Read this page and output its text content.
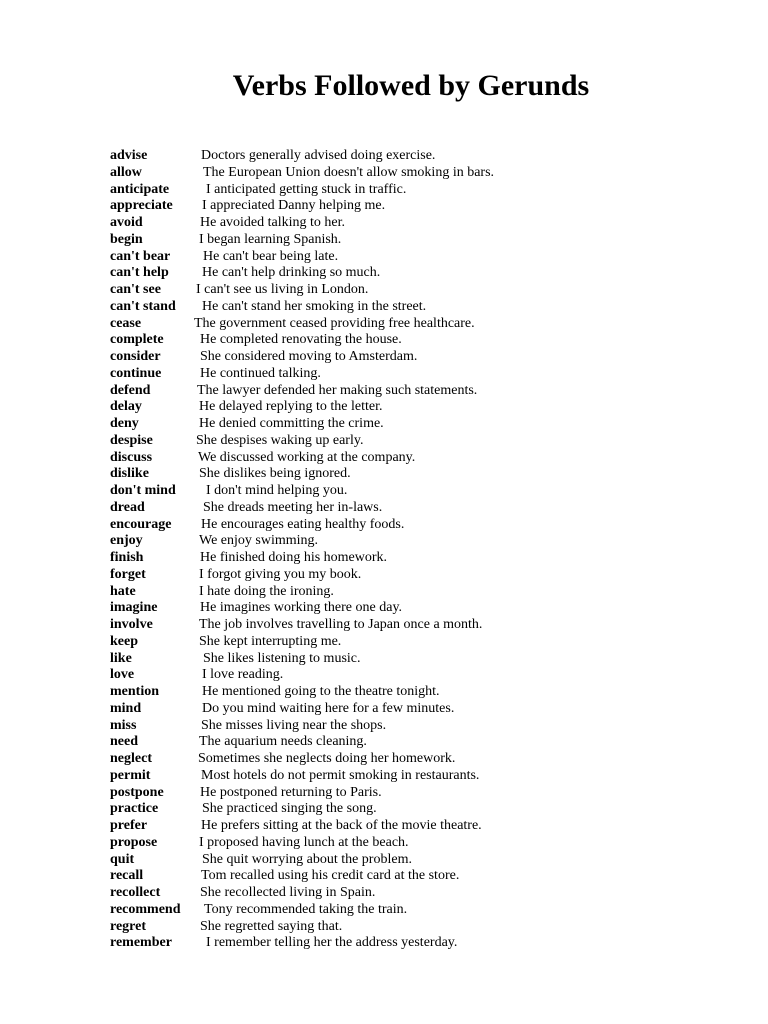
Verbs Followed by Gerunds
advise	Doctors generally advised doing exercise.
allow	The European Union doesn't allow smoking in bars.
anticipate	I anticipated getting stuck in traffic.
appreciate I appreciated Danny helping me.
avoid	He avoided talking to her.
begin	I began learning Spanish.
can't bear He can't bear being late.
can't help He can't help drinking so much.
can't see	I can't see us living in London.
can't stand He can't stand her smoking in the street.
cease	The government ceased providing free healthcare.
complete	He completed renovating the house.
consider	She considered moving to Amsterdam.
continue	He continued talking.
defend	The lawyer defended her making such statements.
delay	He delayed replying to the letter.
deny	He denied committing the crime.
despise	She despises waking up early.
discuss	We discussed working at the company.
dislike	She dislikes being ignored.
don't mind I don't mind helping you.
dread	She dreads meeting her in-laws.
encourage He encourages eating healthy foods.
enjoy	We enjoy swimming.
finish	He finished doing his homework.
forget	I forgot giving you my book.
hate	I hate doing the ironing.
imagine	He imagines working there one day.
involve	The job involves travelling to Japan once a month.
keep	She kept interrupting me.
like	She likes listening to music.
love	I love reading.
mention	He mentioned going to the theatre tonight.
mind	Do you mind waiting here for a few minutes.
miss	She misses living near the shops.
need	The aquarium needs cleaning.
neglect	Sometimes she neglects doing her homework.
permit	Most hotels do not permit smoking in restaurants.
postpone	He postponed returning to Paris.
practice	She practiced singing the song.
prefer	He prefers sitting at the back of the movie theatre.
propose	I proposed having lunch at the beach.
quit	She quit worrying about the problem.
recall	Tom recalled using his credit card at the store.
recollect	She recollected living in Spain.
recommend Tony recommended taking the train.
regret	She regretted saying that.
remember I remember telling her the address yesterday.
